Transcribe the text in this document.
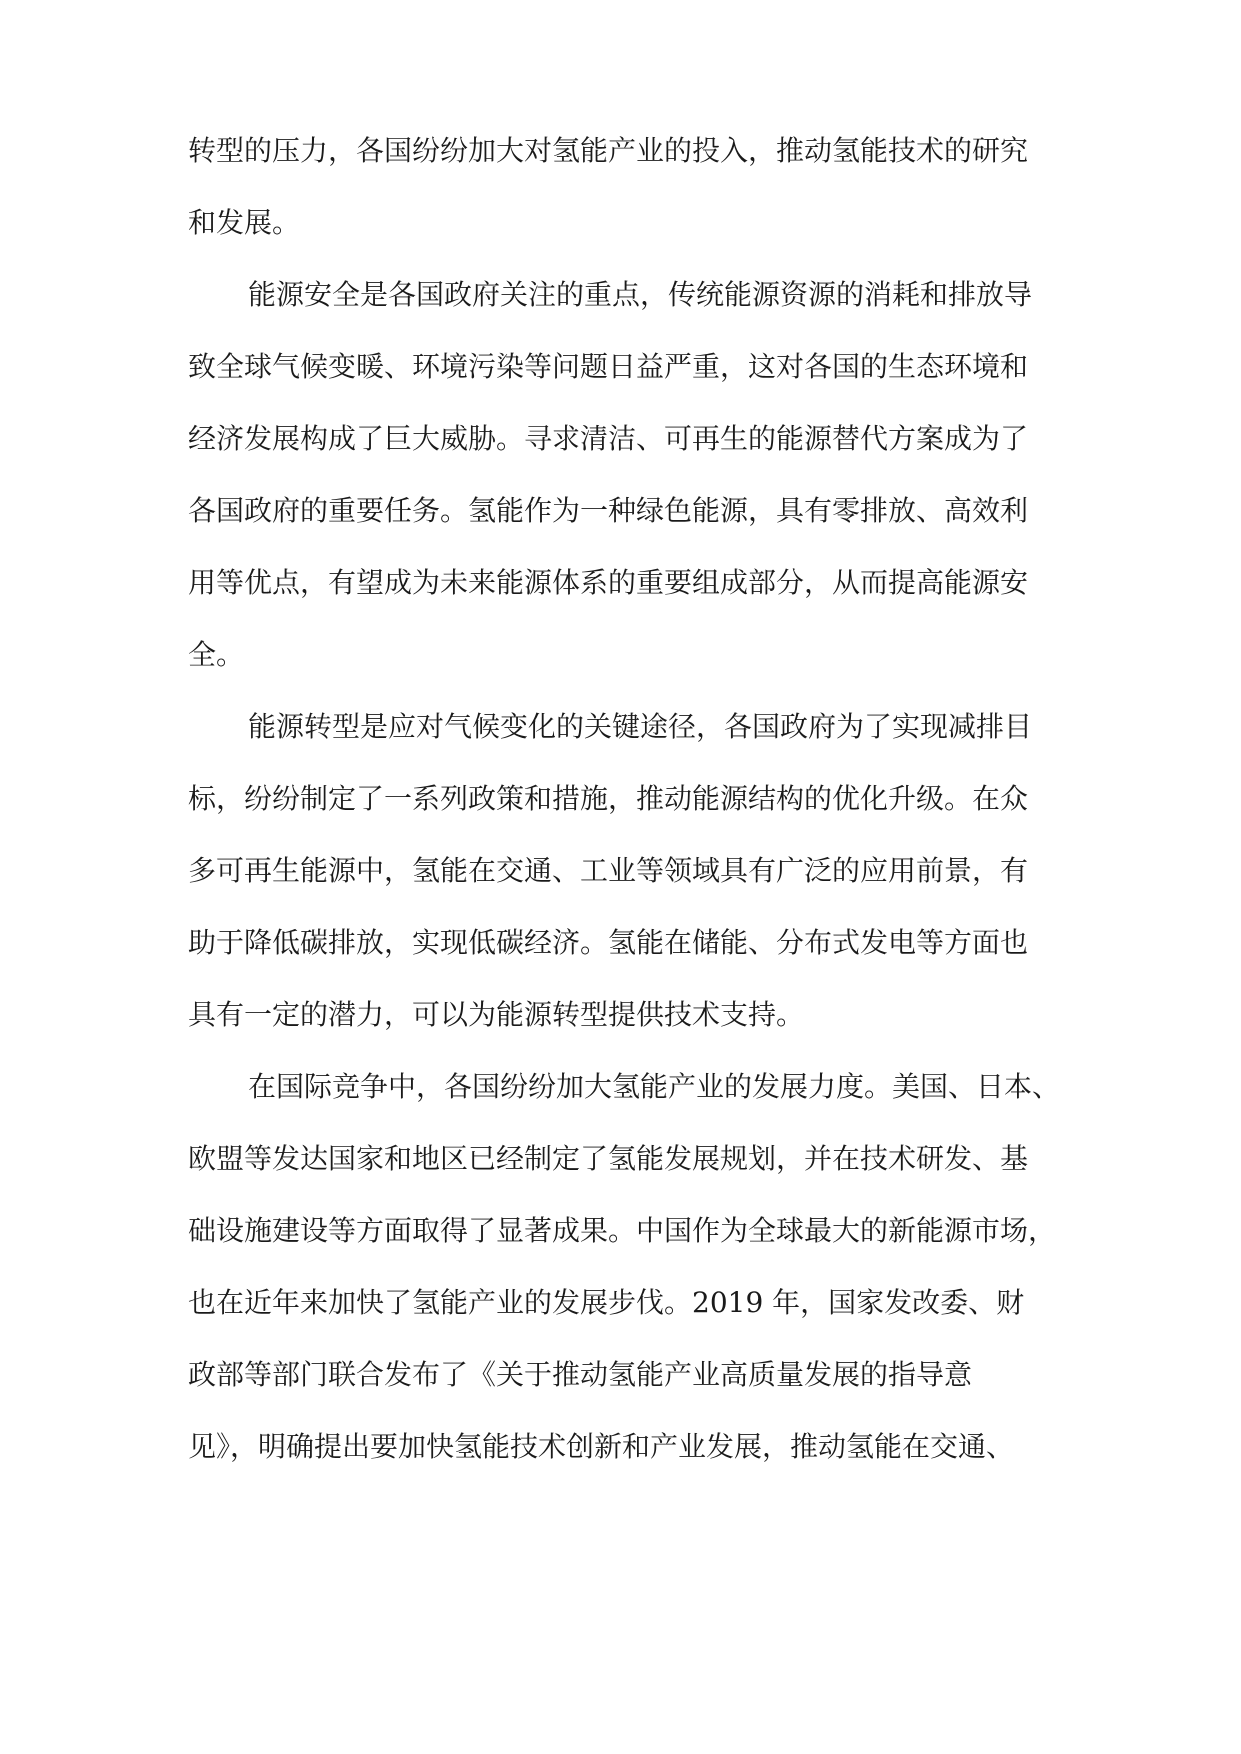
转型的压力，各国纷纷加大对氢能产业的投入，推动氢能技术的研究
和发展。
能源安全是各国政府关注的重点，传统能源资源的消耗和排放导
致全球气候变暖、环境污染等问题日益严重，这对各国的生态环境和
经济发展构成了巨大威胁。寻求清洁、可再生的能源替代方案成为了
各国政府的重要任务。氢能作为一种绿色能源，具有零排放、高效利
用等优点，有望成为未来能源体系的重要组成部分，从而提高能源安
全。
能源转型是应对气候变化的关键途径，各国政府为了实现减排目
标，纷纷制定了一系列政策和措施，推动能源结构的优化升级。在众
多可再生能源中，氢能在交通、工业等领域具有广泛的应用前景，有
助于降低碳排放，实现低碳经济。氢能在储能、分布式发电等方面也
具有一定的潜力，可以为能源转型提供技术支持。
在国际竞争中，各国纷纷加大氢能产业的发展力度。美国、日本、
欧盟等发达国家和地区已经制定了氢能发展规划，并在技术研发、基
础设施建设等方面取得了显著成果。中国作为全球最大的新能源市场，
也在近年来加快了氢能产业的发展步伐。2019 年，国家发改委、财
政部等部门联合发布了《关于推动氢能产业高质量发展的指导意
见》，明确提出要加快氢能技术创新和产业发展，推动氢能在交通、
